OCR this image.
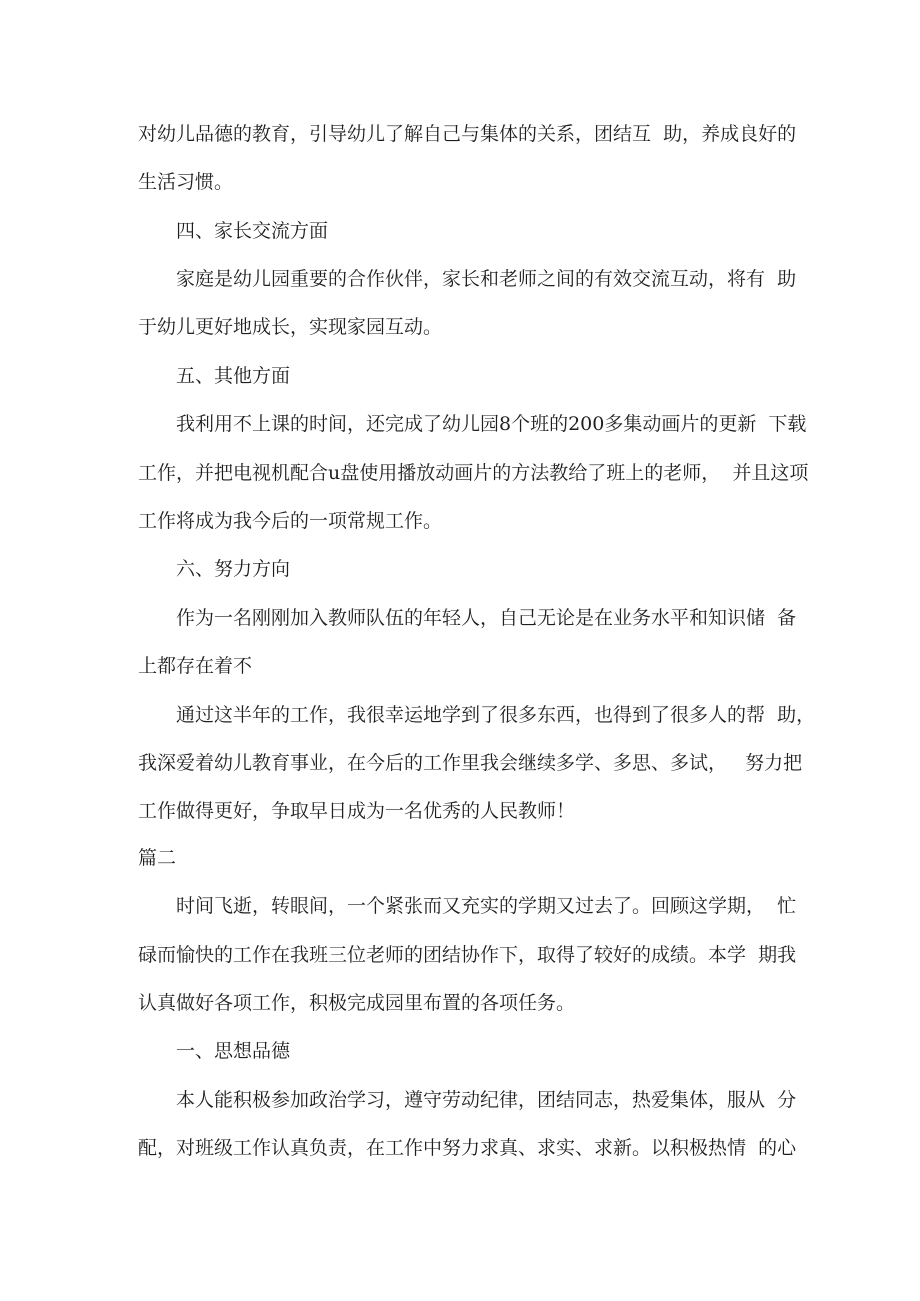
对幼儿品德的教育，引导幼儿了解自己与集体的关系，团结互  助，养成良好的
生活习惯。
四、家长交流方面
家庭是幼儿园重要的合作伙伴，家长和老师之间的有效交流互动，将有  助
于幼儿更好地成长，实现家园互动。
五、其他方面
我利用不上课的时间，还完成了幼儿园8个班的200多集动画片的更新  下载
工作，并把电视机配合u盘使用播放动画片的方法教给了班上的老师，  并且这项
工作将成为我今后的一项常规工作。
六、努力方向
作为一名刚刚加入教师队伍的年轻人，自己无论是在业务水平和知识储  备
上都存在着不
通过这半年的工作，我很幸运地学到了很多东西，也得到了很多人的帮  助，
我深爱着幼儿教育事业，在今后的工作里我会继续多学、多思、多试，   努力把
工作做得更好，争取早日成为一名优秀的人民教师！
篇二
时间飞逝，转眼间，一个紧张而又充实的学期又过去了。回顾这学期，  忙
碌而愉快的工作在我班三位老师的团结协作下，取得了较好的成绩。本学  期我
认真做好各项工作，积极完成园里布置的各项任务。
一、思想品德
本人能积极参加政治学习，遵守劳动纪律，团结同志，热爱集体，服从  分
配，对班级工作认真负责，在工作中努力求真、求实、求新。以积极热情  的心
